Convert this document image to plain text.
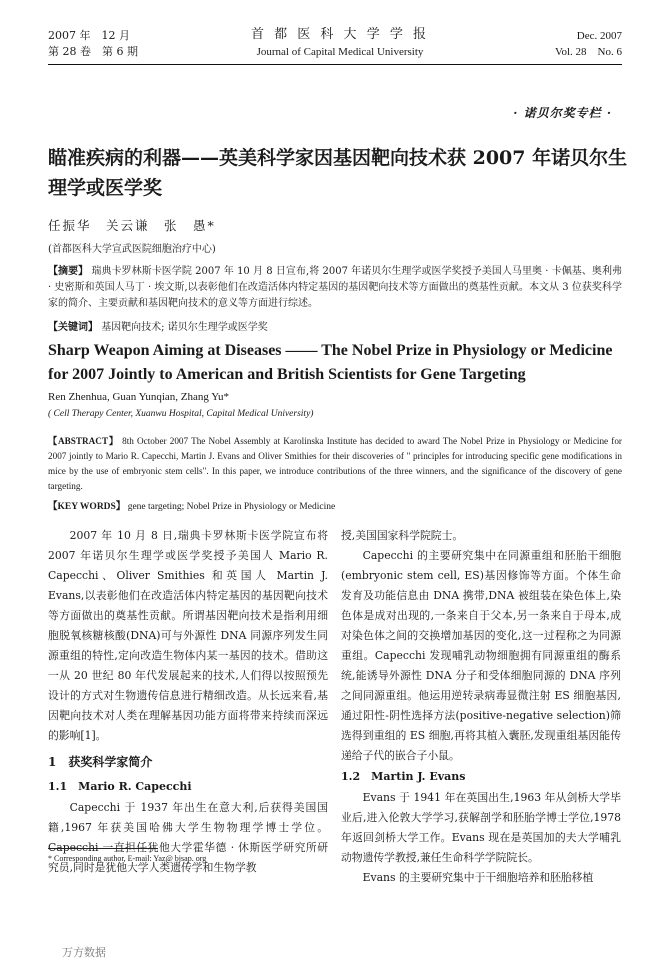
2007 年　12 月
第 28 卷　第 6 期
首 都 医 科 大 学 学 报
Journal of Capital Medical University
Dec. 2007
Vol. 28　No. 6
· 诺贝尔奖专栏 ·
瞄准疾病的利器——英美科学家因基因靶向技术获 2007 年诺贝尔生理学或医学奖
任振华　关云谦　张　愚*
(首都医科大学宣武医院细胞治疗中心)
【摘要】 瑞典卡罗林斯卡医学院 2007 年 10 月 8 日宣布,将 2007 年诺贝尔生理学或医学奖授予美国人马里奥 · 卡佩基、奥利弗 · 史密斯和英国人马丁 · 埃文斯,以表彰他们在改造活体内特定基因的基因靶向技术等方面做出的奠基性贡献。本文从 3 位获奖科学家的简介、主要贡献和基因靶向技术的意义等方面进行综述。
【关键词】 基因靶向技术; 诺贝尔生理学或医学奖
Sharp Weapon Aiming at Diseases —— The Nobel Prize in Physiology or Medicine for 2007 Jointly to American and British Scientists for Gene Targeting
Ren Zhenhua, Guan Yunqian, Zhang Yu*
( Cell Therapy Center, Xuanwu Hospital, Capital Medical University)
【ABSTRACT】 8th October 2007 The Nobel Assembly at Karolinska Institute has decided to award The Nobel Prize in Physiology or Medicine for 2007 jointly to Mario R. Capecchi, Martin J. Evans and Oliver Smithies for their discoveries of " principles for introducing specific gene modifications in mice by the use of embryonic stem cells". In this paper, we introduce contributions of the three winners, and the significance of the discovery of gene targeting.
【KEY WORDS】 gene targeting; Nobel Prize in Physiology or Medicine

2007 年 10 月 8 日,瑞典卡罗林斯卡医学院宣布将 2007 年诺贝尔生理学或医学奖授予美国人 Mario R. Capecchi、Oliver Smithies 和英国人 Martin J. Evans,以表彰他们在改造活体内特定基因的基因靶向技术等方面做出的奠基性贡献。所谓基因靶向技术是指利用细胞脱氧核糖核酸(DNA)可与外源性 DNA 同源序列发生同源重组的特性,定向改造生物体内某一基因的技术。借助这一从 20 世纪 80 年代发展起来的技术,人们得以按照预先设计的方式对生物遗传信息进行精细改造。从长远来看,基因靶向技术对人类在理解基因功能方面将带来持续而深远的影响[1]。

1　获奖科学家简介
1.1　Mario R. Capecchi

Capecchi 于 1937 年出生在意大利,后获得美国国籍,1967 年获美国哈佛大学生物物理学博士学位。Capecchi 一直担任犹他大学霍华德 · 休斯医学研究所研究员,同时是犹他大学人类遗传学和生物学教

授,美国国家科学院院士。

Capecchi 的主要研究集中在同源重组和胚胎干细胞(embryonic stem cell, ES)基因修饰等方面。个体生命发育及功能信息由 DNA 携带,DNA 被组装在染色体上,染色体是成对出现的,一条来自于父本,另一条来自于母本,成对染色体之间的交换增加基因的变化,这一过程称之为同源重组。Capecchi 发现哺乳动物细胞拥有同源重组的酶系统,能诱导外源性 DNA 分子和受体细胞同源的 DNA 序列之间同源重组。他运用逆转录病毒显微注射 ES 细胞基因,通过阳性-阴性选择方法(positive-negative selection)筛选得到重组的 ES 细胞,再将其植入囊胚,发现重组基因能传递给子代的嵌合子小鼠。

1.2　Martin J. Evans

Evans 于 1941 年在英国出生,1963 年从剑桥大学毕业后,进入伦敦大学学习,获解剖学和胚胎学博士学位,1978 年返回剑桥大学工作。Evans 现在是英国加的夫大学哺乳动物遗传学教授,兼任生命科学学院院长。

Evans 的主要研究集中于干细胞培养和胚胎移植

* Corresponding author, E-mail: Yaz@ bjsap. org
万方数据
